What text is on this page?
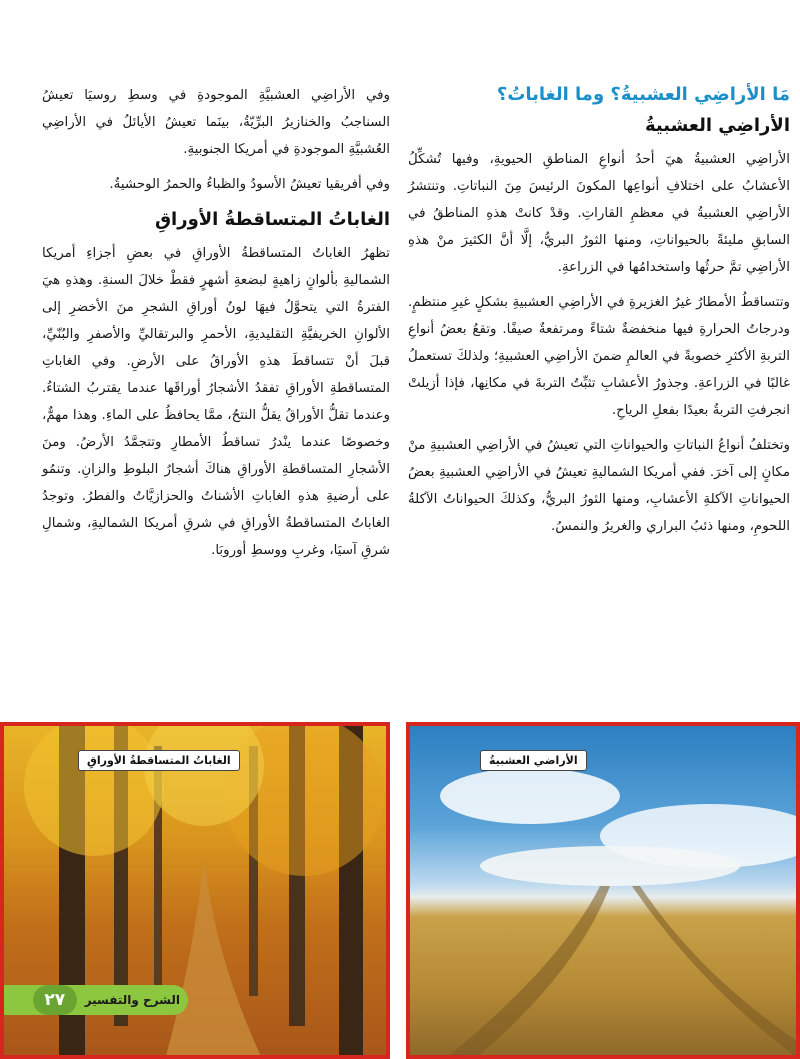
مَا الأراضِي العشبيةُ؟ وما الغاباتُ؟
الأراضِي العشبيةُ

الأراضِي العشبيةُ هيَ أحدُ أنواعِ المناطقِ الحيويةِ، وفيها تُشكِّلُ الأعشابُ على اختلافِ أنواعِها المكونَ الرئيسَ مِنَ النباتاتِ. وتنتشرُ الأراضِي العشبيةُ في معظمِ القاراتِ. وقدْ كانتْ هذهِ المناطقُ في السابقِ مليئةً بالحيواناتِ، ومنها الثورُ البريُّ، إلَّا أنَّ الكثيرَ منْ هذهِ الأراضِي تمَّ حرثُها واستخدامُها في الزراعةِ.

وتتساقطُ الأمطارُ غيرُ الغزيرةِ في الأراضِي العشبيةِ بشكلٍ غيرِ منتظمٍ. ودرجاتُ الحرارةِ فيها منخفضةٌ شتاءً ومرتفعةٌ صيفًا. وتقعُ بعضُ أنواعِ التربةِ الأكثرِ خصوبةً في العالمِ ضمنَ الأراضِي العشبيةِ؛ ولذلكَ تستعملُ غالبًا في الزراعةِ. وجذورُ الأعشابِ تثبِّتُ التربةَ في مكانِها، فإذا أزيلتْ انجرفتِ التربةُ بعيدًا بفعلِ الرياحِ.

وتختلفُ أنواعُ النباتاتِ والحيواناتِ التي تعيشُ في الأراضِي العشبيةِ منْ مكانٍ إلى آخرَ. ففي أمريكا الشماليةِ تعيشُ في الأراضِي العشبيةِ بعضُ الحيواناتِ الآكلةِ الأعشابِ، ومنها الثورُ البريُّ، وكذلكَ الحيواناتُ الآكلةُ اللحومِ، ومنها ذئبُ البراري والغريرُ والنمسُ.

وفي الأراضِي العشبيَّةِ الموجودةِ في وسطِ روسيَا تعيشُ السناجبُ والخنازيرُ البرِّيّةُ، بينَما تعيشُ الأيائلُ في الأراضِي العُشبيَّةِ الموجودةِ في أمريكا الجنوبيةِ.

وفي أفريقيا تعيشُ الأسودُ والظباءُ والحمرُ الوحشيةُ.

الغاباتُ المتساقطةُ الأوراقِ

تظهرُ الغاباتُ المتساقطةُ الأوراقِ في بعضِ أجزاءِ أمريكا الشماليةِ بألوانٍ زاهيةٍ لبضعةِ أشهرٍ فقطْ خلالَ السنةِ. وهذهِ هيَ الفترةُ التي يتحوَّلُ فيهَا لونُ أوراقِ الشجرِ منَ الأخضرِ إلى الألوانِ الخريفيَّةِ التقليديةِ، الأحمرِ والبرتقاليِّ والأصفرِ والبُنّيِّ، قبلَ أنْ تتساقطَ هذهِ الأوراقُ على الأرضِ. وفي الغاباتِ المتساقطةِ الأوراقِ تفقدُ الأشجارُ أوراقَها عندما يقتربُ الشتاءُ. وعندما تقلُّ الأوراقُ يقلُّ النتحُ، ممَّا يحافظُ على الماءِ. وهذا مهمٌّ، وخصوصًا عندما ينْدرُ تساقطُ الأمطارِ وتتجمَّدُ الأرضُ. ومنَ الأشجارِ المتساقطةِ الأوراقِ هناكَ أشجارُ البلوطِ والزانِ. وتنمُو على أرضيةِ هذهِ الغاباتِ الأشناتُ والحزازيَّاتُ والفطرُ. وتوجدُ الغاباتُ المتساقطةُ الأوراقِ في شرقِ أمريكا الشماليةِ، وشمالِ شرقِ آسيَا، وغربِ ووسطِ أوروبَا.

الغاباتُ المتساقطةُ الأوراقِ	الأراضي العشبيةُ
الشرح والتفسير
٢٧
